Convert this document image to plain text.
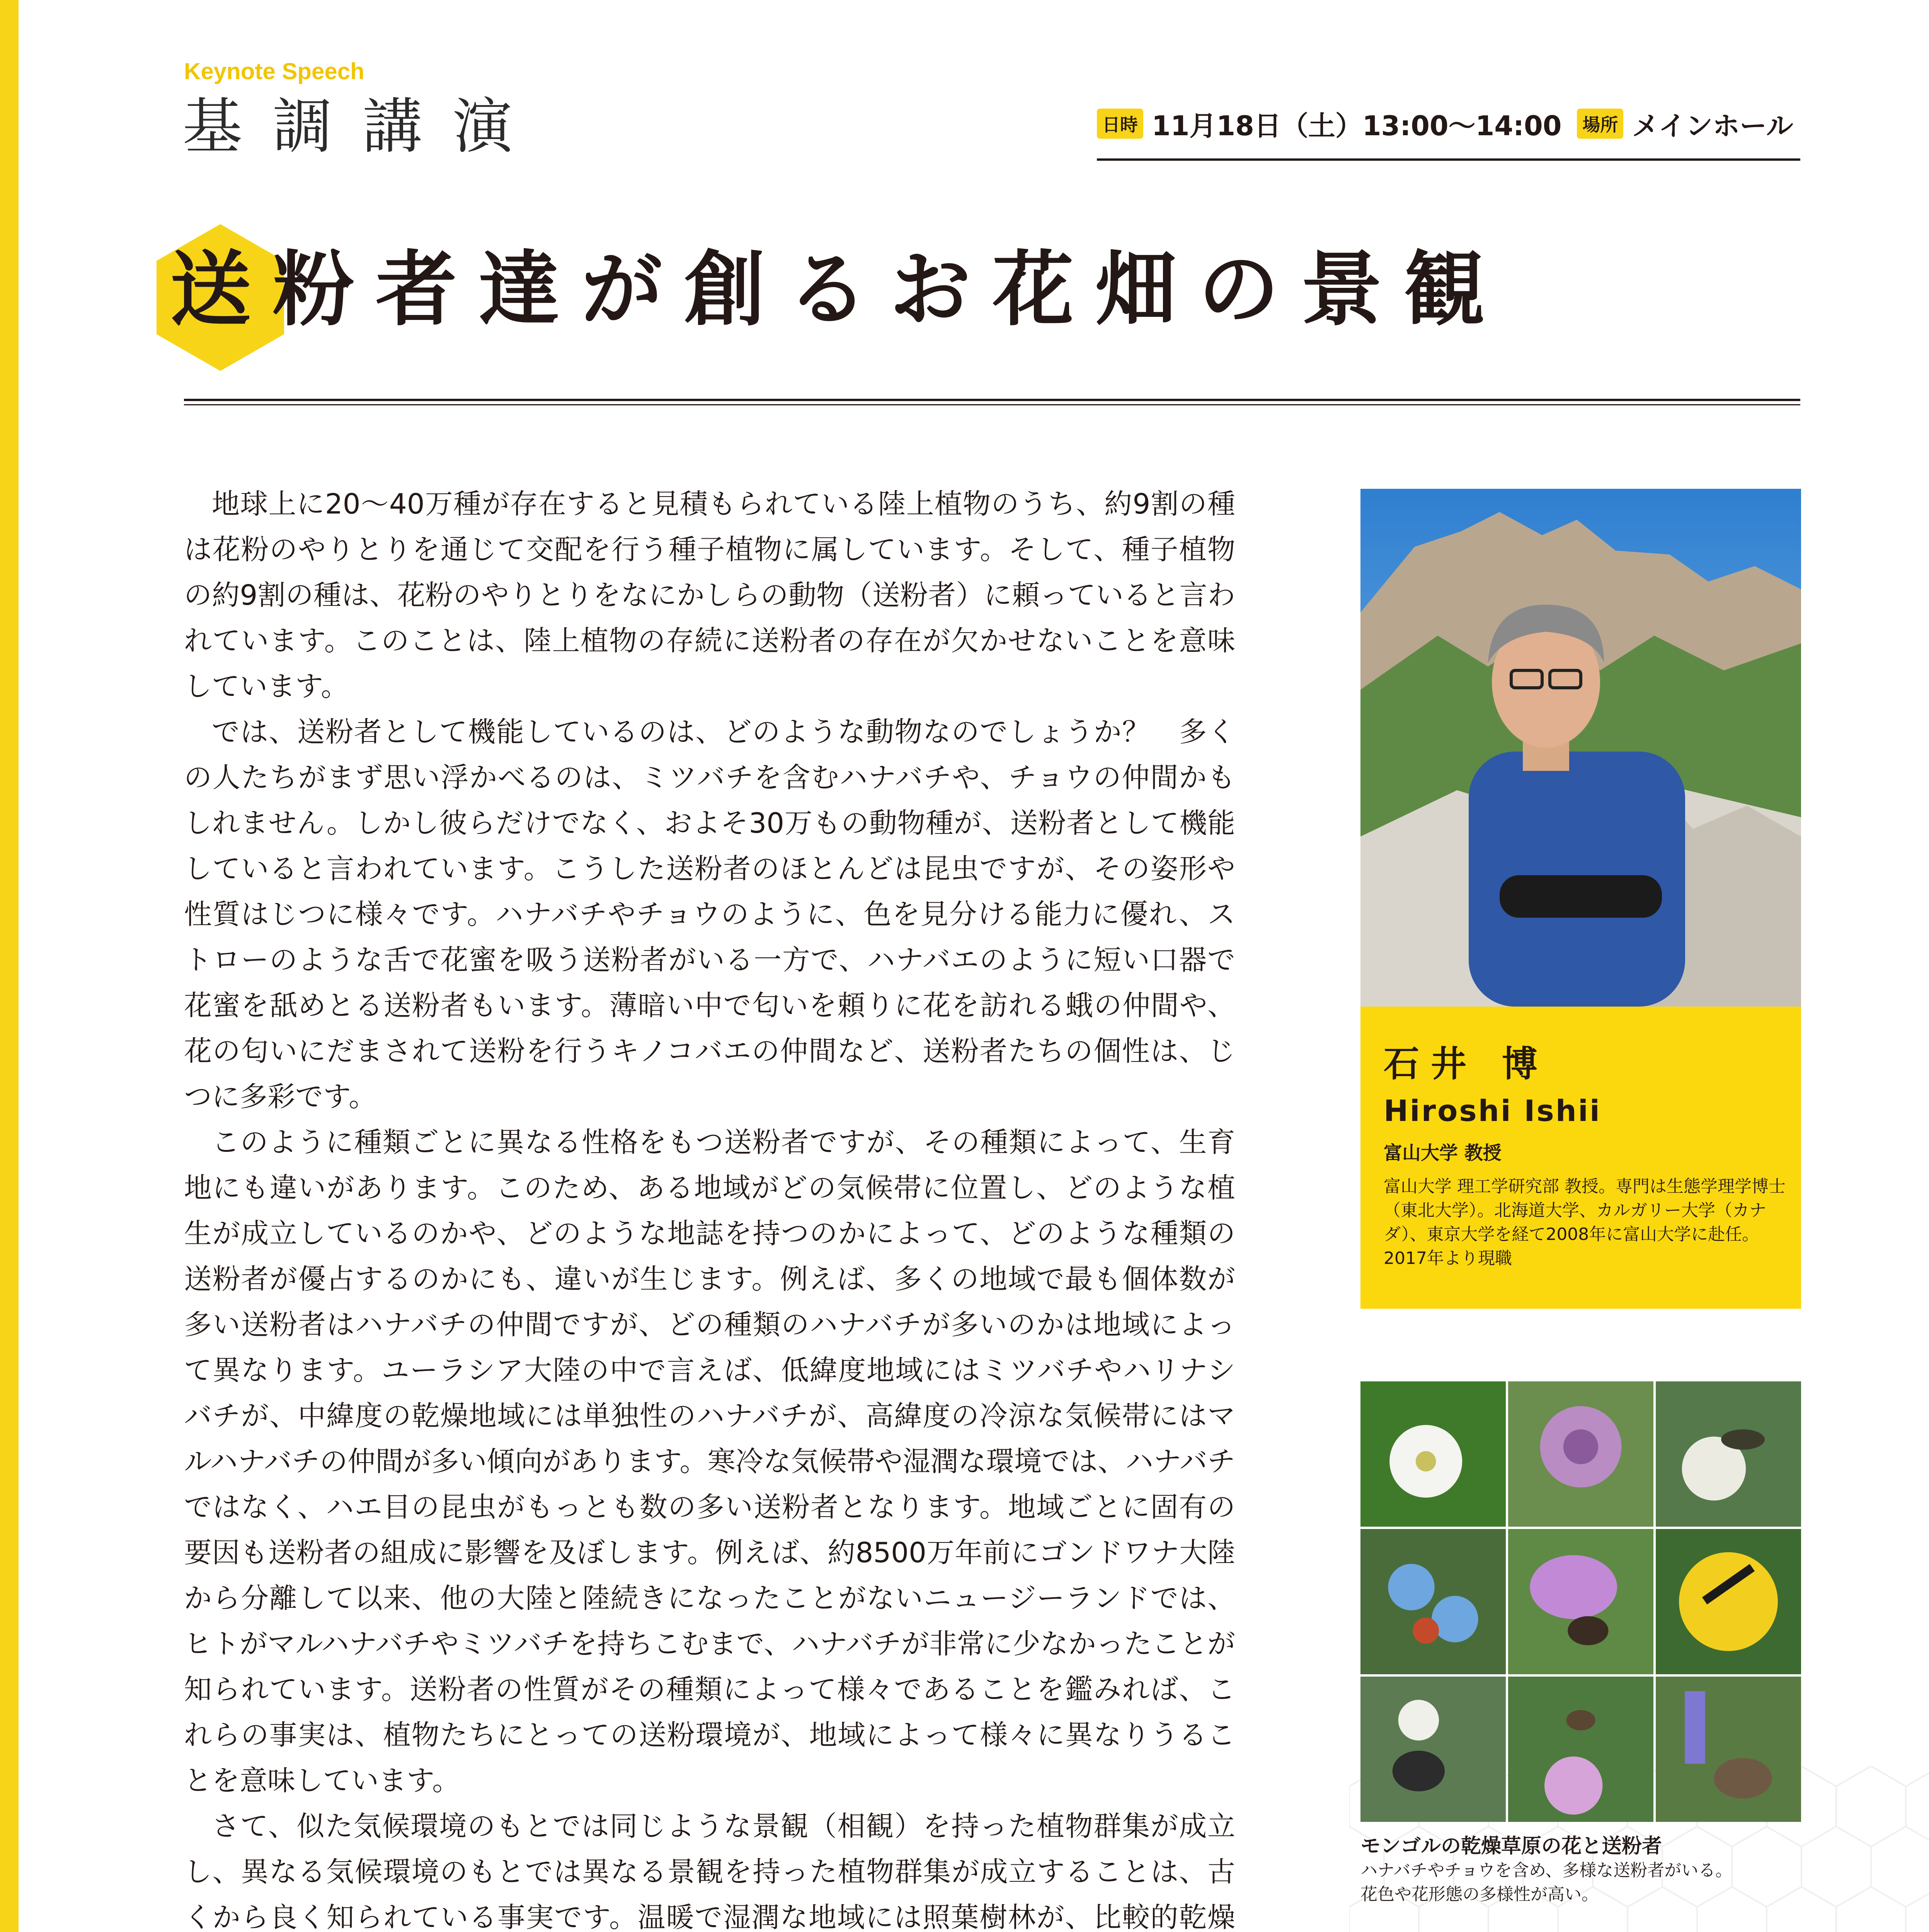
Keynote Speech
基調講演	日時 11月18日（土）13:00〜14:00	場所 メインホール
送粉者達が創るお花畑の景観

地球上に20〜40万種が存在すると見積もられている陸上植物のうち、約9割の種は花粉のやりとりを通じて交配を行う種子植物に属しています。そして、種子植物の約9割の種は、花粉のやりとりをなにかしらの動物（送粉者）に頼っていると言われています。このことは、陸上植物の存続に送粉者の存在が欠かせないことを意味しています。

では、送粉者として機能しているのは、どのような動物なのでしょうか？　多くの人たちがまず思い浮かべるのは、ミツバチを含むハナバチや、チョウの仲間かもしれません。しかし彼らだけでなく、およそ30万もの動物種が、送粉者として機能していると言われています。こうした送粉者のほとんどは昆虫ですが、その姿形や性質はじつに様々です。ハナバチやチョウのように、色を見分ける能力に優れ、ストローのような舌で花蜜を吸う送粉者がいる一方で、ハナバエのように短い口器で花蜜を舐めとる送粉者もいます。薄暗い中で匂いを頼りに花を訪れる蛾の仲間や、花の匂いにだまされて送粉を行うキノコバエの仲間など、送粉者たちの個性は、じつに多彩です。

このように種類ごとに異なる性格をもつ送粉者ですが、その種類によって、生育地にも違いがあります。このため、ある地域がどの気候帯に位置し、どのような植生が成立しているのかや、どのような地誌を持つのかによって、どのような種類の送粉者が優占するのかにも、違いが生じます。例えば、多くの地域で最も個体数が多い送粉者はハナバチの仲間ですが、どの種類のハナバチが多いのかは地域によって異なります。ユーラシア大陸の中で言えば、低緯度地域にはミツバチやハリナシバチが、中緯度の乾燥地域には単独性のハナバチが、高緯度の冷涼な気候帯にはマルハナバチの仲間が多い傾向があります。寒冷な気候帯や湿潤な環境では、ハナバチではなく、ハエ目の昆虫がもっとも数の多い送粉者となります。地域ごとに固有の要因も送粉者の組成に影響を及ぼします。例えば、約8500万年前にゴンドワナ大陸から分離して以来、他の大陸と陸続きになったことがないニュージーランドでは、ヒトがマルハナバチやミツバチを持ちこむまで、ハナバチが非常に少なかったことが知られています。送粉者の性質がその種類によって様々であることを鑑みれば、これらの事実は、植物たちにとっての送粉環境が、地域によって様々に異なりうることを意味しています。

さて、似た気候環境のもとでは同じような景観（相観）を持った植物群集が成立し、異なる気候環境のもとでは異なる景観を持った植物群集が成立することは、古くから良く知られている事実です。温暖で湿潤な地域には照葉樹林が、比較的乾燥

石井 博
Hiroshi Ishii
富山大学 教授
富山大学 理工学研究部 教授。専門は生態学理学博士（東北大学）。北海道大学、カルガリー大学（カナダ）、東京大学を経て2008年に富山大学に赴任。2017年より現職
モンゴルの乾燥草原の花と送粉者
ハナバチやチョウを含め、多様な送粉者がいる。
花色や花形態の多様性が高い。
